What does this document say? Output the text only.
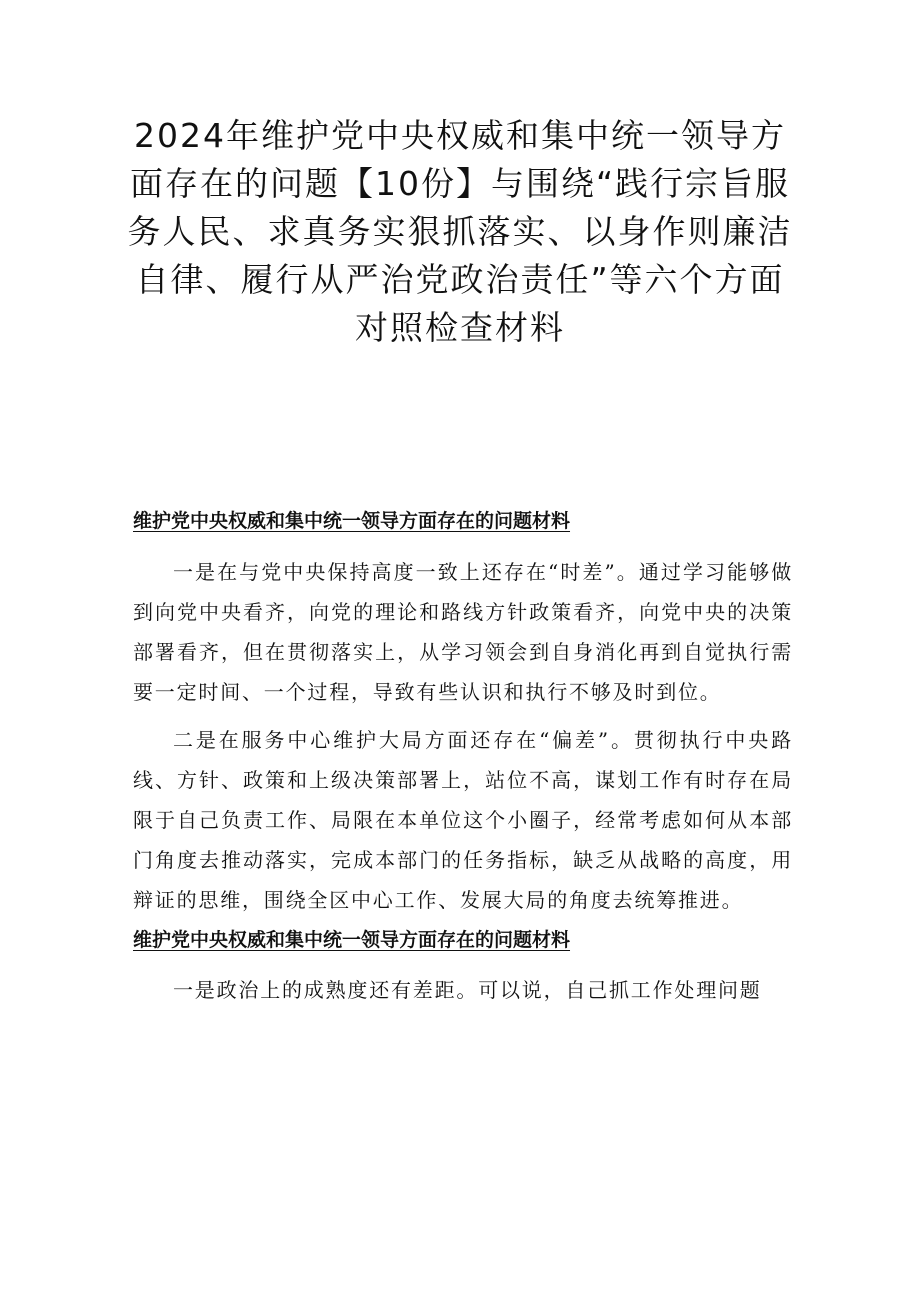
2024年维护党中央权威和集中统一领导方面存在的问题【10份】与围绕“践行宗旨服务人民、求真务实狠抓落实、以身作则廉洁自律、履行从严治党政治责任”等六个方面对照检查材料
维护党中央权威和集中统一领导方面存在的问题材料

一是在与党中央保持高度一致上还存在“时差”。通过学习能够做到向党中央看齐，向党的理论和路线方针政策看齐，向党中央的决策部署看齐，但在贯彻落实上，从学习领会到自身消化再到自觉执行需要一定时间、一个过程，导致有些认识和执行不够及时到位。

二是在服务中心维护大局方面还存在“偏差”。贯彻执行中央路线、方针、政策和上级决策部署上，站位不高，谋划工作有时存在局限于自己负责工作、局限在本单位这个小圈子，经常考虑如何从本部门角度去推动落实，完成本部门的任务指标，缺乏从战略的高度，用辩证的思维，围绕全区中心工作、发展大局的角度去统筹推进。

维护党中央权威和集中统一领导方面存在的问题材料

一是政治上的成熟度还有差距。可以说，自己抓工作处理问题
